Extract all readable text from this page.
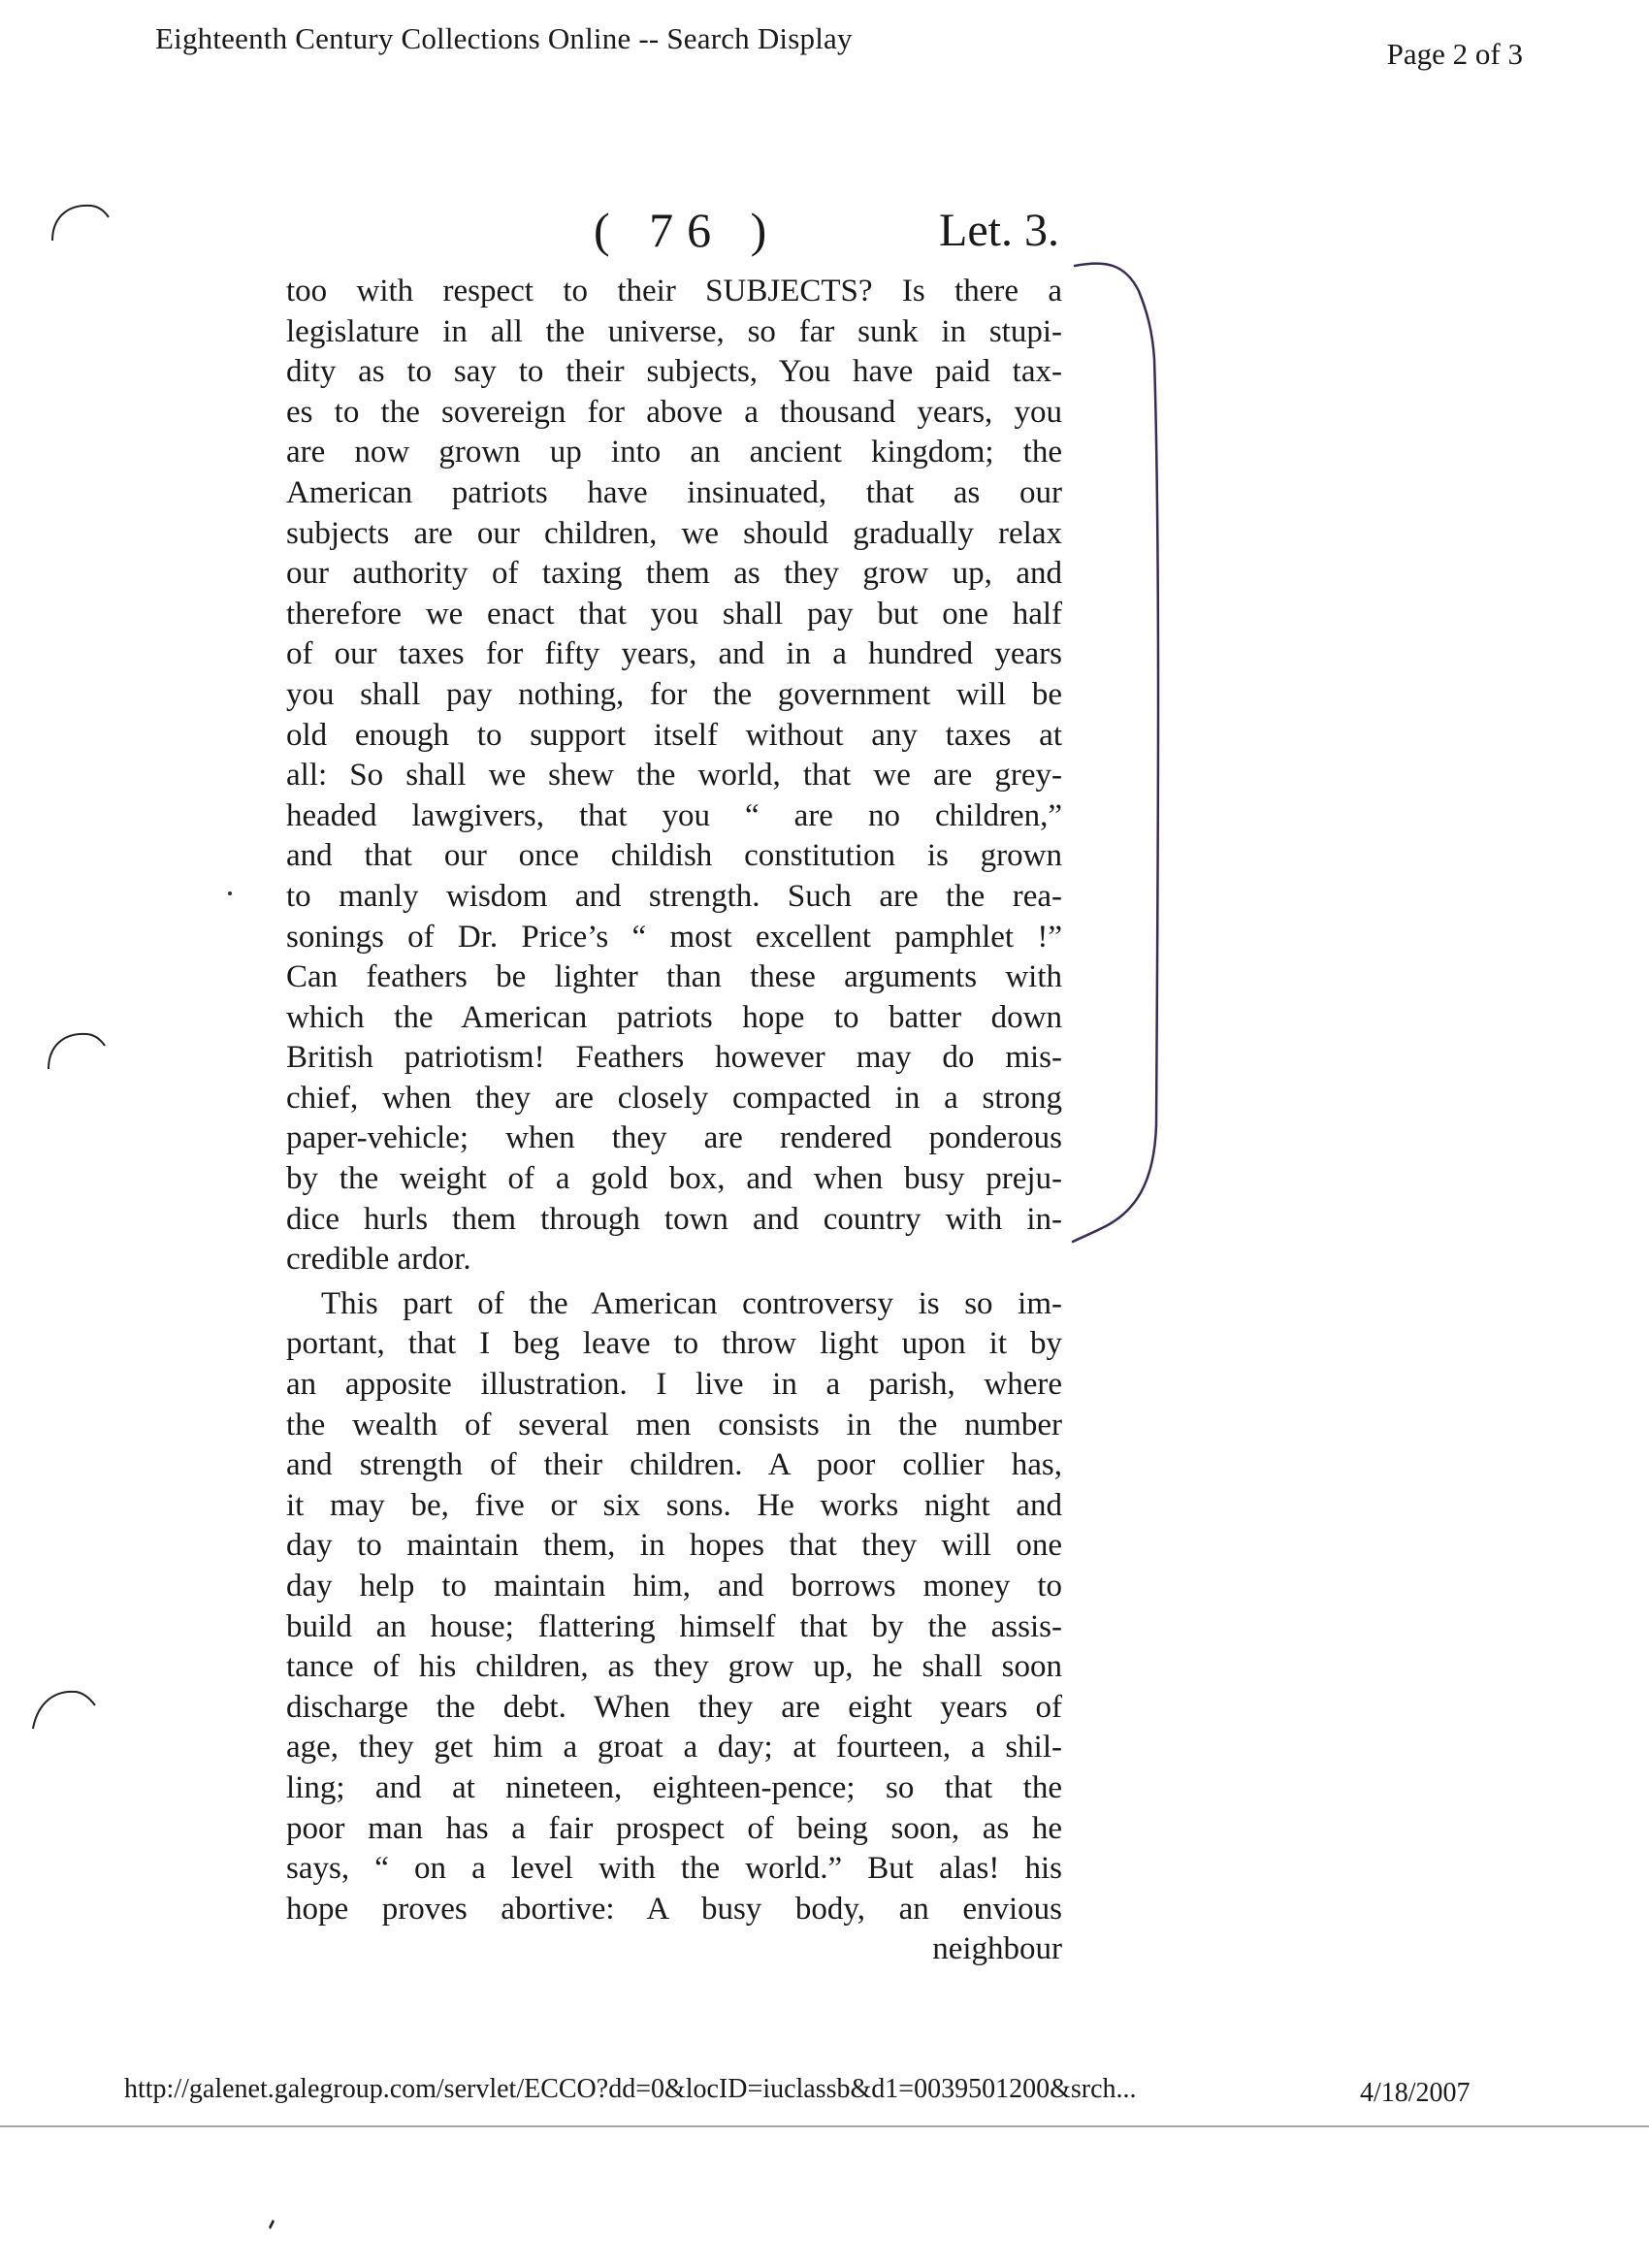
Eighteenth Century Collections Online -- Search Display	Page 2 of 3
( 76 )	Let. 3.
too with respect to their SUBJECTS? Is there a
legislature in all the universe, so far sunk in stupi-
dity as to say to their subjects, You have paid tax-
es to the sovereign for above a thousand years, you
are now grown up into an ancient kingdom; the
American patriots have insinuated, that as our
subjects are our children, we should gradually relax
our authority of taxing them as they grow up, and
therefore we enact that you shall pay but one half
of our taxes for fifty years, and in a hundred years
you shall pay nothing, for the government will be
old enough to support itself without any taxes at
all: So shall we shew the world, that we are grey-
headed lawgivers, that you “ are no children,”
and that our once childish constitution is grown
to manly wisdom and strength. Such are the rea-
sonings of Dr. Price’s “ most excellent pamphlet !”
Can feathers be lighter than these arguments with
which the American patriots hope to batter down
British patriotism! Feathers however may do mis-
chief, when they are closely compacted in a strong
paper-vehicle; when they are rendered ponderous
by the weight of a gold box, and when busy preju-
dice hurls them through town and country with in-
credible ardor.
This part of the American controversy is so im-
portant, that I beg leave to throw light upon it by
an apposite illustration. I live in a parish, where
the wealth of several men consists in the number
and strength of their children. A poor collier has,
it may be, five or six sons. He works night and
day to maintain them, in hopes that they will one
day help to maintain him, and borrows money to
build an house; flattering himself that by the assis-
tance of his children, as they grow up, he shall soon
discharge the debt. When they are eight years of
age, they get him a groat a day; at fourteen, a shil-
ling; and at nineteen, eighteen-pence; so that the
poor man has a fair prospect of being soon, as he
says, “ on a level with the world.” But alas! his
hope proves abortive: A busy body, an envious
neighbour
http://galenet.galegroup.com/servlet/ECCO?dd=0&locID=iuclassb&d1=0039501200&srch...	4/18/2007
